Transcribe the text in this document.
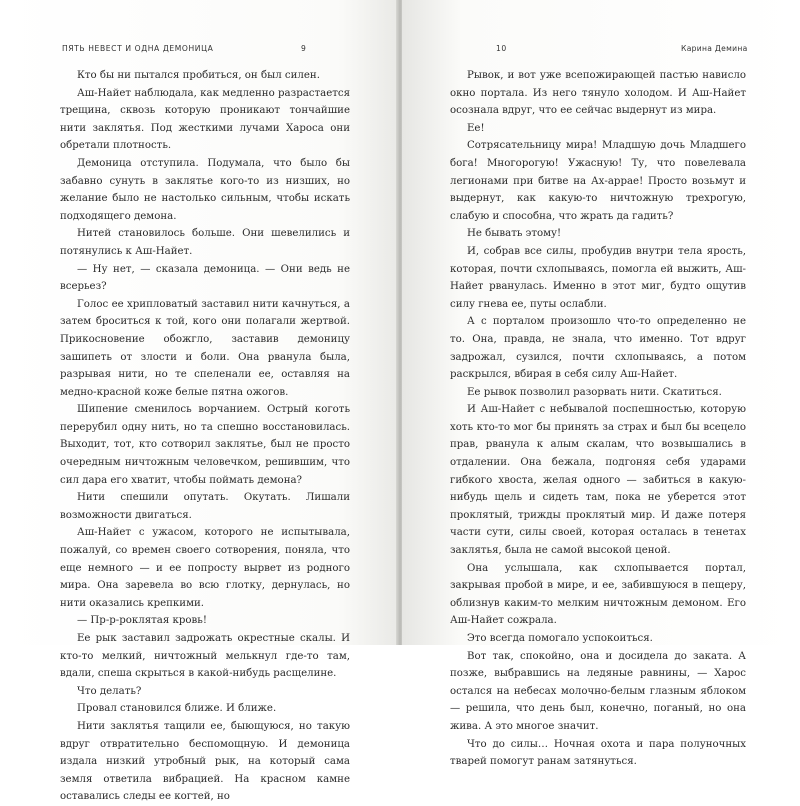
ПЯТЬ НЕВЕСТ И ОДНА ДЕМОНИЦА	9

Кто бы ни пытался пробиться, он был силен.

Аш-Найет наблюдала, как медленно разрастается трещина, сквозь которую проникают тончайшие нити заклятья. Под жесткими лучами Хароса они обретали плотность.

Демоница отступила. Подумала, что было бы забавно сунуть в заклятье кого-то из низших, но желание было не настолько сильным, чтобы искать подходящего демона.

Нитей становилось больше. Они шевелились и потянулись к Аш-Найет.

— Ну нет, — сказала демоница. — Они ведь не всерьез?

Голос ее хрипловатый заставил нити качнуться, а затем броситься к той, кого они полагали жертвой. Прикосновение обожгло, заставив демоницу зашипеть от злости и боли. Она рванула была, разрывая нити, но те спеленали ее, оставляя на медно-красной коже белые пятна ожогов.

Шипение сменилось ворчанием. Острый коготь перерубил одну нить, но та спешно восстановилась. Выходит, тот, кто сотворил заклятье, был не просто очередным ничтожным человечком, решившим, что сил дара его хватит, чтобы поймать демона?

Нити спешили опутать. Окутать. Лишали возможности двигаться.

Аш-Найет с ужасом, которого не испытывала, пожалуй, со времен своего сотворения, поняла, что еще немного — и ее попросту вырвет из родного мира. Она заревела во всю глотку, дернулась, но нити оказались крепкими.

— Пр-р-роклятая кровь!

Ее рык заставил задрожать окрестные скалы. И кто-то мелкий, ничтожный мелькнул где-то там, вдали, спеша скрыться в какой-нибудь расщелине.

Что делать?

Провал становился ближе. И ближе.

Нити заклятья тащили ее, быющуюся, но такую вдруг отвратительно беспомощную. И демоница издала низкий утробный рык, на который сама земля ответила вибрацией. На красном камне оставались следы ее когтей, но

10	Карина Демина

Рывок, и вот уже всепожирающей пастью нависло окно портала. Из него тянуло холодом. И Аш-Найет осознала вдруг, что ее сейчас выдернут из мира.

Ее!

Сотрясательницу мира! Младшую дочь Младшего бога! Многорогую! Ужасную! Ту, что повелевала легионами при битве на Ах-аррае! Просто возьмут и выдернут, как какую-то ничтожную трехрогую, слабую и способна, что жрать да гадить?

Не бывать этому!

И, собрав все силы, пробудив внутри тела ярость, которая, почти схлопываясь, помогла ей выжить, Аш-Найет рванулась. Именно в этот миг, будто ощутив силу гнева ее, путы ослабли.

А с порталом произошло что-то определенно не то. Она, правда, не знала, что именно. Тот вдруг задрожал, сузился, почти схлопываясь, а потом раскрылся, вбирая в себя силу Аш-Найет.

Ее рывок позволил разорвать нити. Скатиться.

И Аш-Найет с небывалой поспешностью, которую хоть кто-то мог бы принять за страх и был бы всецело прав, рванула к алым скалам, что возвышались в отдалении. Она бежала, подгоняя себя ударами гибкого хвоста, желая одного — забиться в какую-нибудь щель и сидеть там, пока не уберется этот проклятый, трижды проклятый мир. И даже потеря части сути, силы своей, которая осталась в тенетах заклятья, была не самой высокой ценой.

Она услышала, как схлопывается портал, закрывая пробой в мире, и ее, забившуюся в пещеру, облизнув каким-то мелким ничтожным демоном. Его Аш-Найет сожрала.

Это всегда помогало успокоиться.

Вот так, спокойно, она и досидела до заката. А позже, выбравшись на ледяные равнины, — Харос остался на небесах молочно-белым глазным яблоком — решила, что день был, конечно, поганый, но она жива. А это многое значит.

Что до силы… Ночная охота и пара полуночных тварей помогут ранам затянуться.
